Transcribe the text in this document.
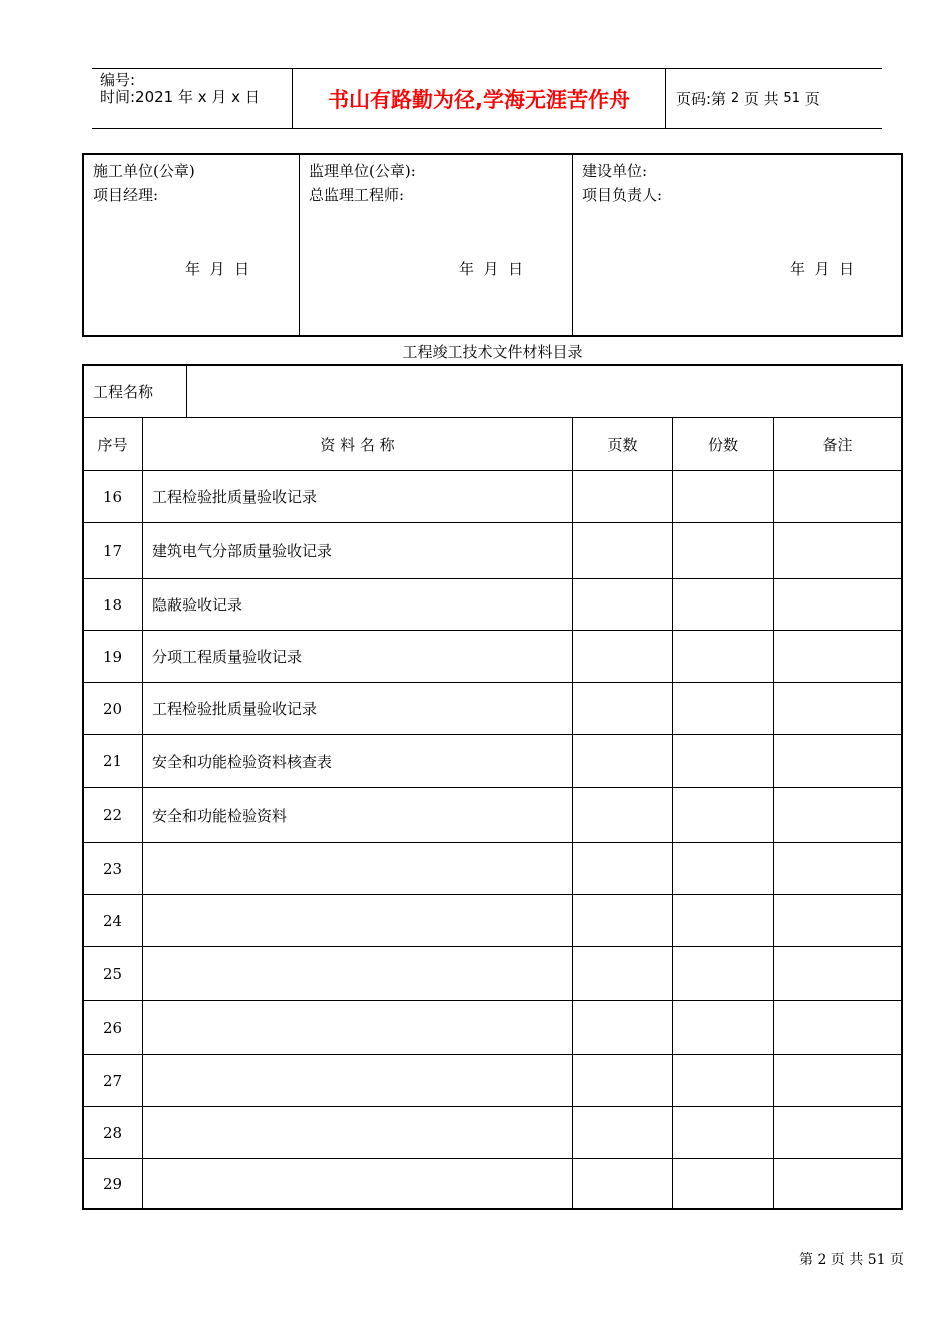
编号:
时间:2021 年 x 月 x 日	书山有路勤为径,学海无涯苦作舟	页码:第 2 页 共 51 页
施工单位(公章)
项目经理:
年  月  日
监理单位(公章):
总监理工程师:
年  月  日
建设单位:
项目负责人:
年  月  日
工程竣工技术文件材料目录
工程名称
序号	资 料 名 称	页数	份数	备注
16	工程检验批质量验收记录
17	建筑电气分部质量验收记录
18	隐蔽验收记录
19	分项工程质量验收记录
20	工程检验批质量验收记录
21	安全和功能检验资料核查表
22	安全和功能检验资料
23
24
25
26
27
28
29
第 2 页 共 51 页
